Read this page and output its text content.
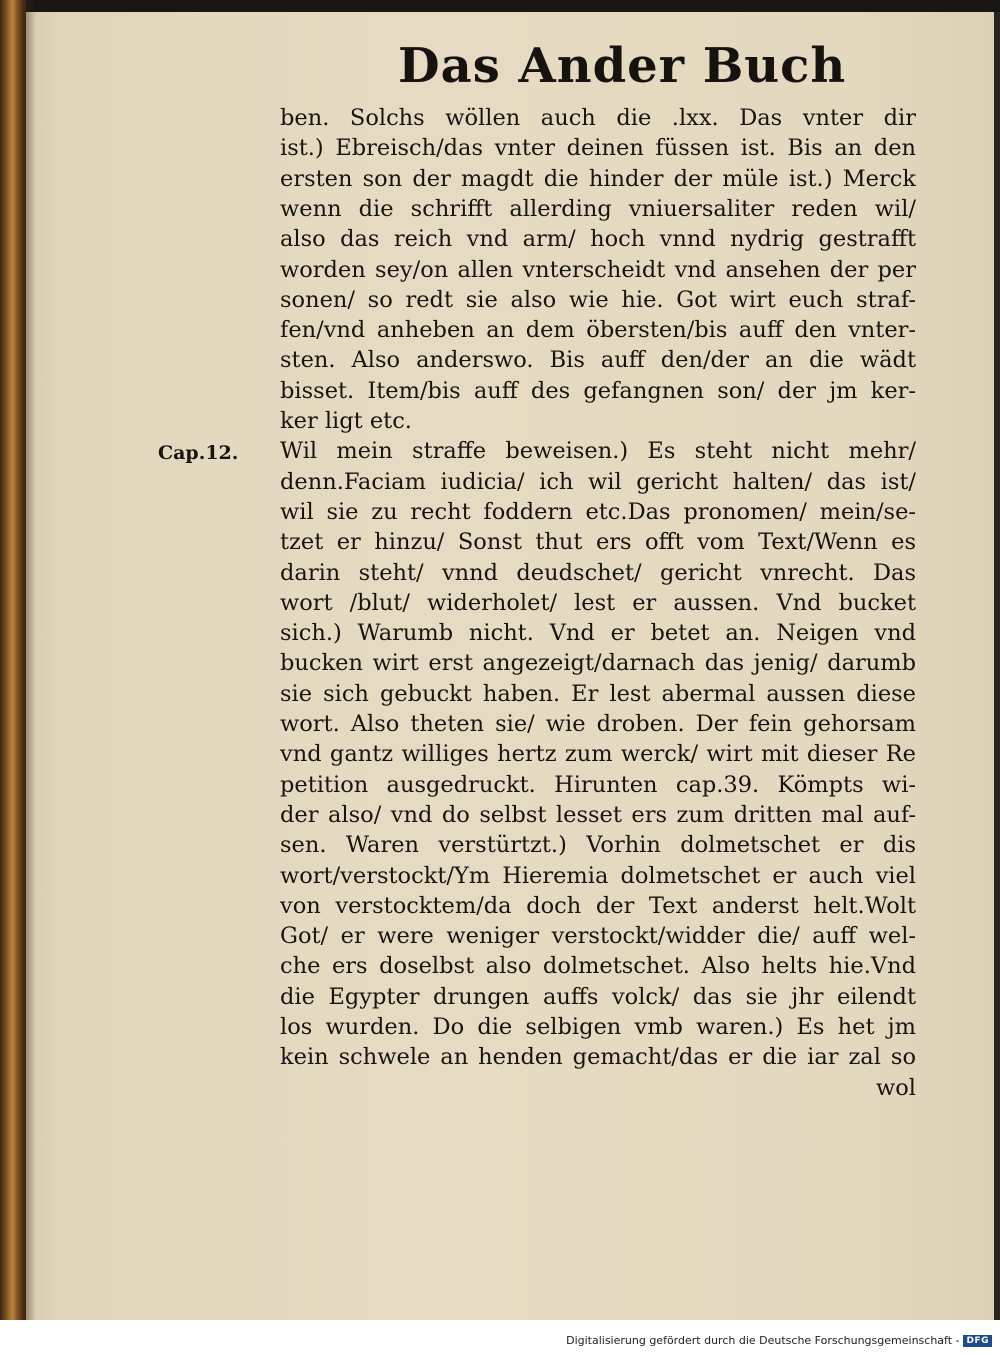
Das Ander Buch
Cap.12.
ben. Solchs wöllen auch die .lxx. Das vnter dir
ist.) Ebreisch/das vnter deinen füssen ist. Bis an den
ersten son der magdt die hinder der müle ist.) Merck
wenn die schrifft allerding vniuersaliter reden wil/
also das reich vnd arm/ hoch vnnd nydrig gestrafft
worden sey/on allen vnterscheidt vnd ansehen der per
sonen/ so redt sie also wie hie. Got wirt euch straf-
fen/vnd anheben an dem öbersten/bis auff den vnter-
sten. Also anderswo. Bis auff den/der an die wädt
bisset. Item/bis auff des gefangnen son/ der jm ker-
ker ligt etc.
Wil mein straffe beweisen.) Es steht nicht mehr/
denn.Faciam iudicia/ ich wil gericht halten/ das ist/
wil sie zu recht foddern etc.Das pronomen/ mein/se-
tzet er hinzu/ Sonst thut ers offt vom Text/Wenn es
darin steht/ vnnd deudschet/ gericht vnrecht. Das
wort /blut/ widerholet/ lest er aussen. Vnd bucket
sich.) Warumb nicht. Vnd er betet an. Neigen vnd
bucken wirt erst angezeigt/darnach das jenig/ darumb
sie sich gebuckt haben. Er lest abermal aussen diese
wort. Also theten sie/ wie droben. Der fein gehorsam
vnd gantz williges hertz zum werck/ wirt mit dieser Re
petition ausgedruckt. Hirunten cap.39. Kömpts wi-
der also/ vnd do selbst lesset ers zum dritten mal auf-
sen. Waren verstürtzt.) Vorhin dolmetschet er dis
wort/verstockt/Ym Hieremia dolmetschet er auch viel
von verstocktem/da doch der Text anderst helt.Wolt
Got/ er were weniger verstockt/widder die/ auff wel-
che ers doselbst also dolmetschet. Also helts hie.Vnd
die Egypter drungen auffs volck/ das sie jhr eilendt
los wurden. Do die selbigen vmb waren.) Es het jm
kein schwele an henden gemacht/das er die iar zal so
wol
Digitalisierung gefördert durch die Deutsche Forschungsgemeinschaft - DFG
